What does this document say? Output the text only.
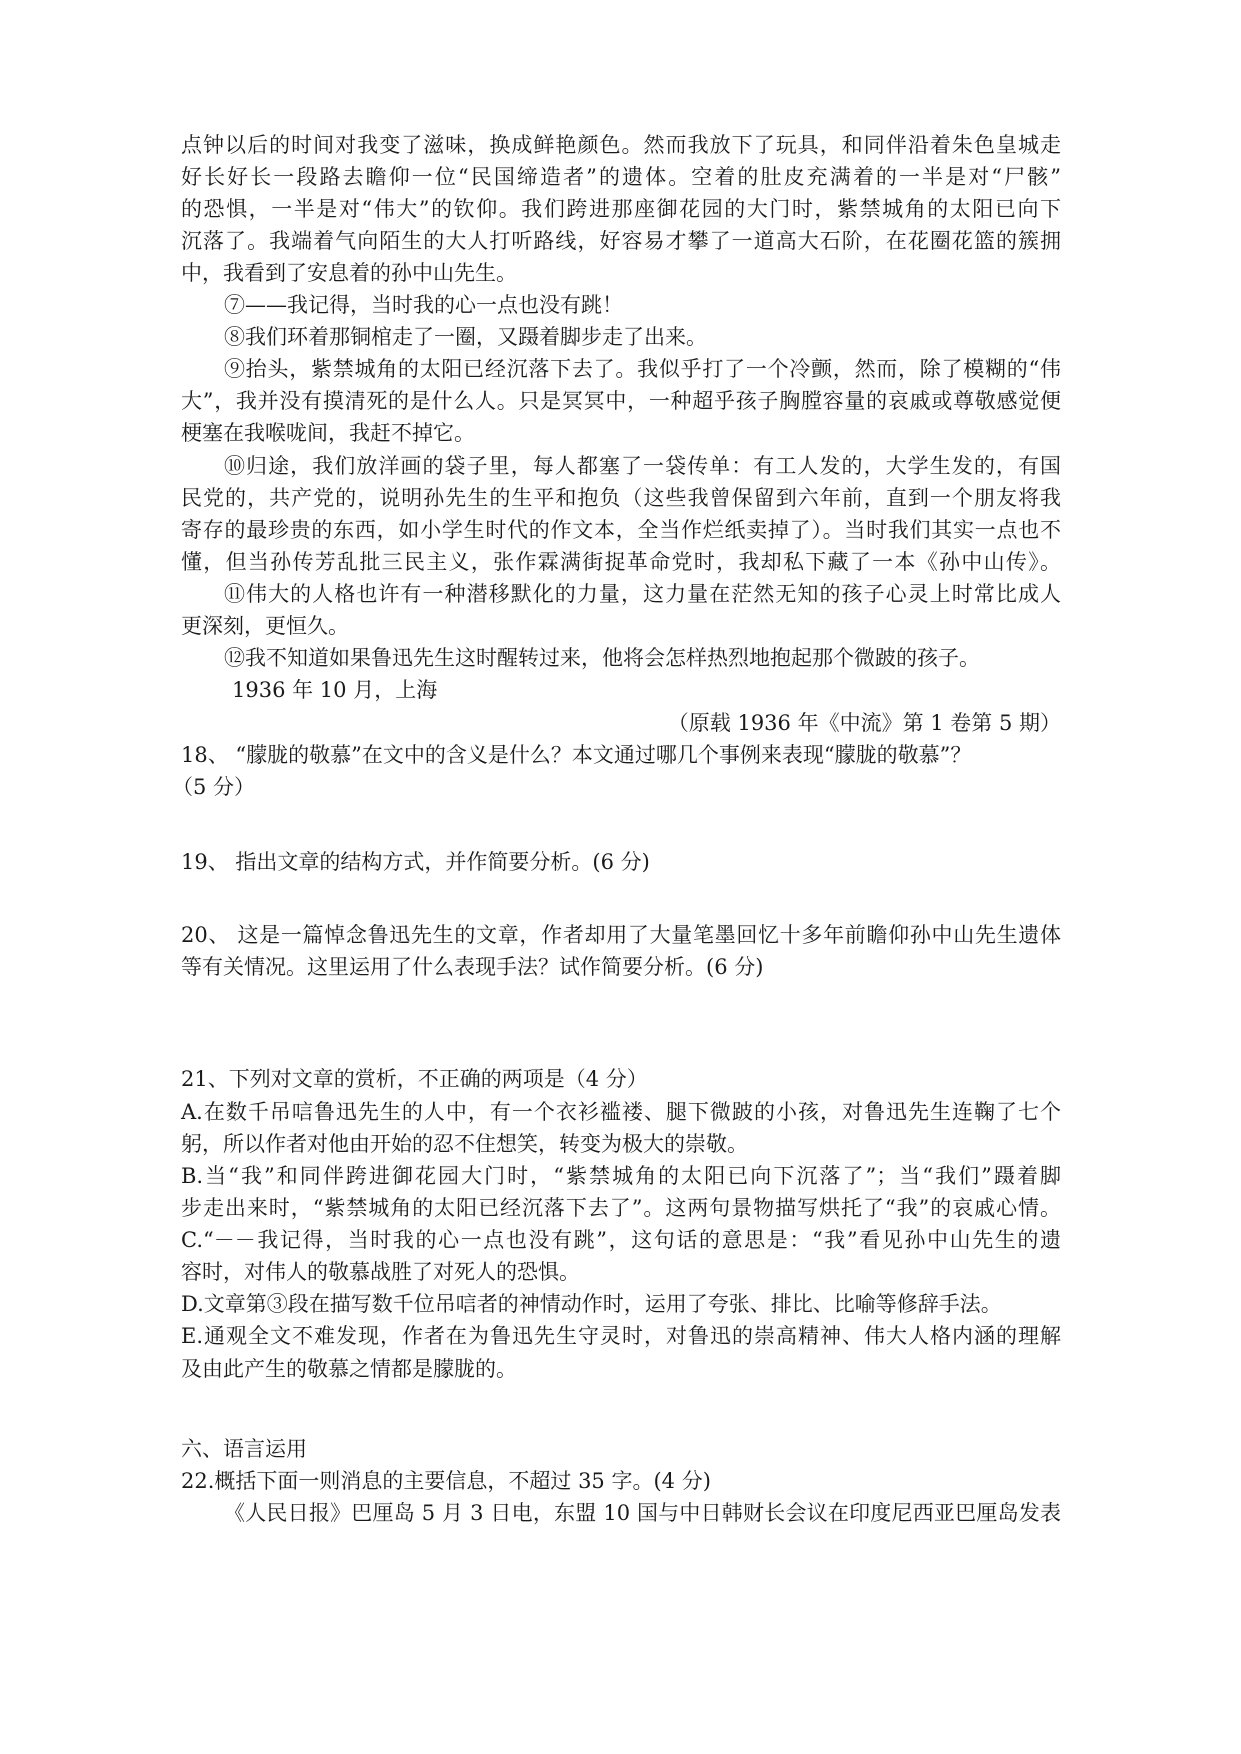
点钟以后的时间对我变了滋味，换成鲜艳颜色。然而我放下了玩具，和同伴沿着朱色皇城走
好长好长一段路去瞻仰一位“民国缔造者”的遗体。空着的肚皮充满着的一半是对“尸骸”
的恐惧，一半是对“伟大”的钦仰。我们跨进那座御花园的大门时，紫禁城角的太阳已向下
沉落了。我端着气向陌生的大人打听路线，好容易才攀了一道高大石阶，在花圈花篮的簇拥
中，我看到了安息着的孙中山先生。
⑦——我记得，当时我的心一点也没有跳！
⑧我们环着那铜棺走了一圈，又蹑着脚步走了出来。
⑨抬头，紫禁城角的太阳已经沉落下去了。我似乎打了一个冷颤，然而，除了模糊的“伟
大”，我并没有摸清死的是什么人。只是冥冥中，一种超乎孩子胸膛容量的哀戚或尊敬感觉便
梗塞在我喉咙间，我赶不掉它。
⑩归途，我们放洋画的袋子里，每人都塞了一袋传单：有工人发的，大学生发的，有国
民党的，共产党的，说明孙先生的生平和抱负（这些我曾保留到六年前，直到一个朋友将我
寄存的最珍贵的东西，如小学生时代的作文本，全当作烂纸卖掉了）。当时我们其实一点也不
懂，但当孙传芳乱批三民主义，张作霖满街捉革命党时，我却私下藏了一本《孙中山传》。
⑪伟大的人格也许有一种潜移默化的力量，这力量在茫然无知的孩子心灵上时常比成人
更深刻，更恒久。
⑫我不知道如果鲁迅先生这时醒转过来，他将会怎样热烈地抱起那个微跛的孩子。
1936 年 10 月，上海
（原载 1936 年《中流》第 1 卷第 5 期）
18、 “朦胧的敬慕”在文中的含义是什么？本文通过哪几个事例来表现“朦胧的敬慕”？
（5 分）
19、 指出文章的结构方式，并作简要分析。(6 分)
20、 这是一篇悼念鲁迅先生的文章，作者却用了大量笔墨回忆十多年前瞻仰孙中山先生遗体
等有关情况。这里运用了什么表现手法？试作简要分析。(6 分)
21、下列对文章的赏析，不正确的两项是（4 分）
A.在数千吊唁鲁迅先生的人中，有一个衣衫褴褛、腿下微跛的小孩，对鲁迅先生连鞠了七个
躬，所以作者对他由开始的忍不住想笑，转变为极大的崇敬。
B.当“我”和同伴跨进御花园大门时，“紫禁城角的太阳已向下沉落了”；当“我们”蹑着脚
步走出来时，“紫禁城角的太阳已经沉落下去了”。这两句景物描写烘托了“我”的哀戚心情。
C.“－－我记得，当时我的心一点也没有跳”，这句话的意思是：“我”看见孙中山先生的遗
容时，对伟人的敬慕战胜了对死人的恐惧。
D.文章第③段在描写数千位吊唁者的神情动作时，运用了夸张、排比、比喻等修辞手法。
E.通观全文不难发现，作者在为鲁迅先生守灵时，对鲁迅的崇高精神、伟大人格内涵的理解
及由此产生的敬慕之情都是朦胧的。
六、语言运用
22.概括下面一则消息的主要信息，不超过 35 字。(4 分)
《人民日报》巴厘岛 5 月 3 日电，东盟 10 国与中日韩财长会议在印度尼西亚巴厘岛发表
